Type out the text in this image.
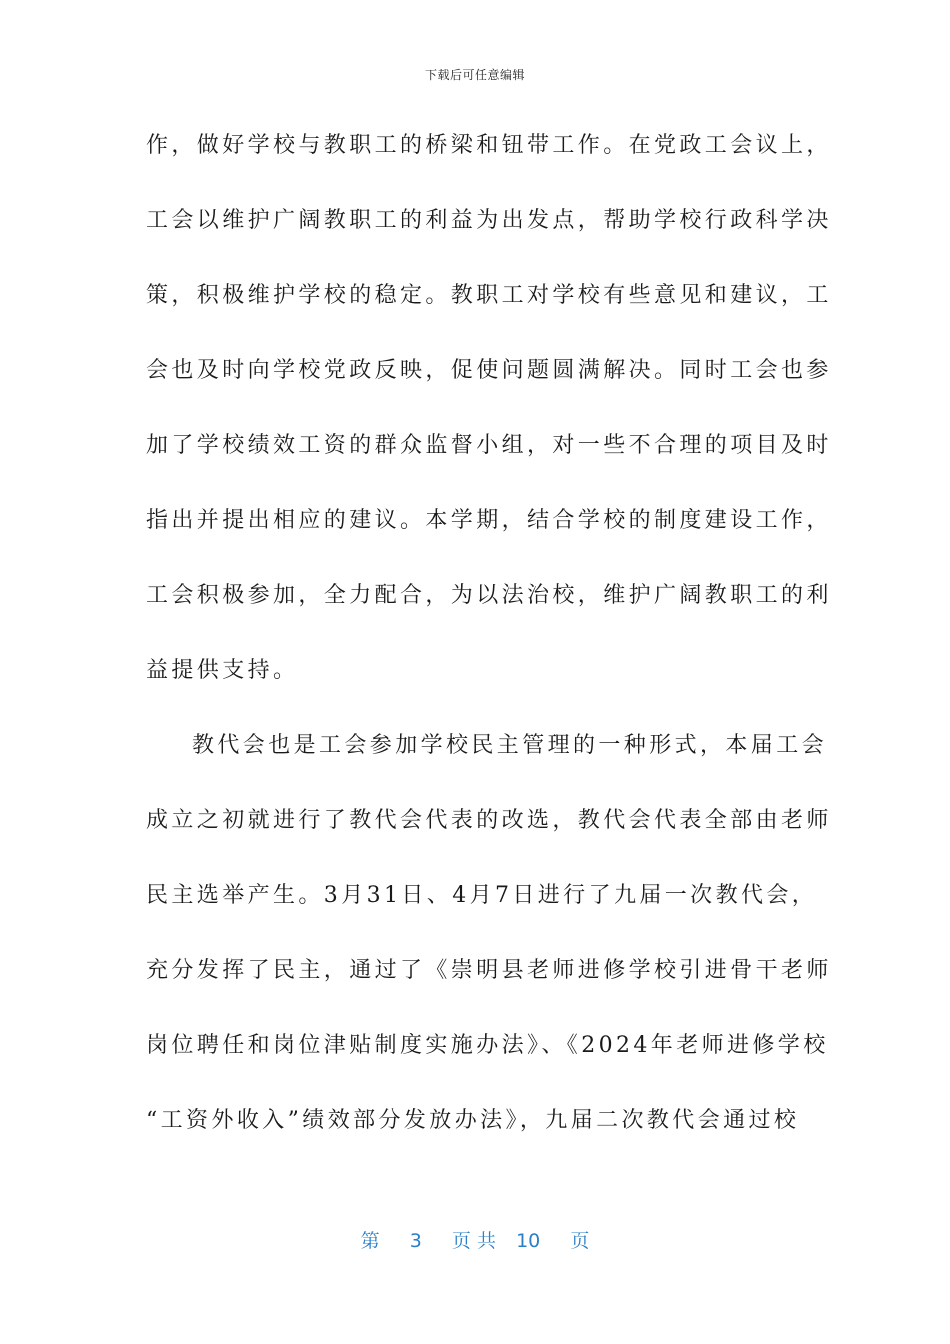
下载后可任意编辑
作，做好学校与教职工的桥梁和钮带工作。在党政工会议上，
工会以维护广阔教职工的利益为出发点，帮助学校行政科学决
策，积极维护学校的稳定。教职工对学校有些意见和建议，工
会也及时向学校党政反映，促使问题圆满解决。同时工会也参
加了学校绩效工资的群众监督小组，对一些不合理的项目及时
指出并提出相应的建议。本学期，结合学校的制度建设工作，
工会积极参加，全力配合，为以法治校，维护广阔教职工的利
益提供支持。
教代会也是工会参加学校民主管理的一种形式，本届工会
成立之初就进行了教代会代表的改选，教代会代表全部由老师
民主选举产生。3月31日、4月7日进行了九届一次教代会，
充分发挥了民主，通过了《崇明县老师进修学校引进骨干老师
岗位聘任和岗位津贴制度实施办法》、《2024年老师进修学校
“工资外收入”绩效部分发放办法》，九届二次教代会通过校
第 3 页 共 10 页
